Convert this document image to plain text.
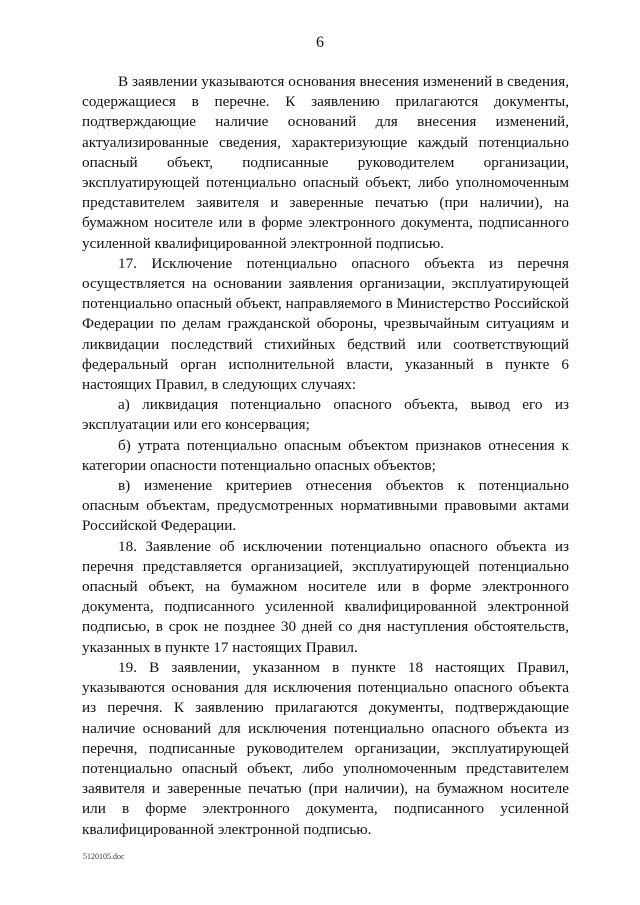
6

В заявлении указываются основания внесения изменений в сведения, содержащиеся в перечне. К заявлению прилагаются документы, подтверждающие наличие оснований для внесения изменений, актуализированные сведения, характеризующие каждый потенциально опасный объект, подписанные руководителем организации, эксплуатирующей потенциально опасный объект, либо уполномоченным представителем заявителя и заверенные печатью (при наличии), на бумажном носителе или в форме электронного документа, подписанного усиленной квалифицированной электронной подписью.

17. Исключение потенциально опасного объекта из перечня осуществляется на основании заявления организации, эксплуатирующей потенциально опасный объект, направляемого в Министерство Российской Федерации по делам гражданской обороны, чрезвычайным ситуациям и ликвидации последствий стихийных бедствий или соответствующий федеральный орган исполнительной власти, указанный в пункте 6 настоящих Правил, в следующих случаях:

а) ликвидация потенциально опасного объекта, вывод его из эксплуатации или его консервация;

б) утрата потенциально опасным объектом признаков отнесения к категории опасности потенциально опасных объектов;

в) изменение критериев отнесения объектов к потенциально опасным объектам, предусмотренных нормативными правовыми актами Российской Федерации.

18. Заявление об исключении потенциально опасного объекта из перечня представляется организацией, эксплуатирующей потенциально опасный объект, на бумажном носителе или в форме электронного документа, подписанного усиленной квалифицированной электронной подписью, в срок не позднее 30 дней со дня наступления обстоятельств, указанных в пункте 17 настоящих Правил.

19. В заявлении, указанном в пункте 18 настоящих Правил, указываются основания для исключения потенциально опасного объекта из перечня. К заявлению прилагаются документы, подтверждающие наличие оснований для исключения потенциально опасного объекта из перечня, подписанные руководителем организации, эксплуатирующей потенциально опасный объект, либо уполномоченным представителем заявителя и заверенные печатью (при наличии), на бумажном носителе или в форме электронного документа, подписанного усиленной квалифицированной электронной подписью.

5120105.doc
